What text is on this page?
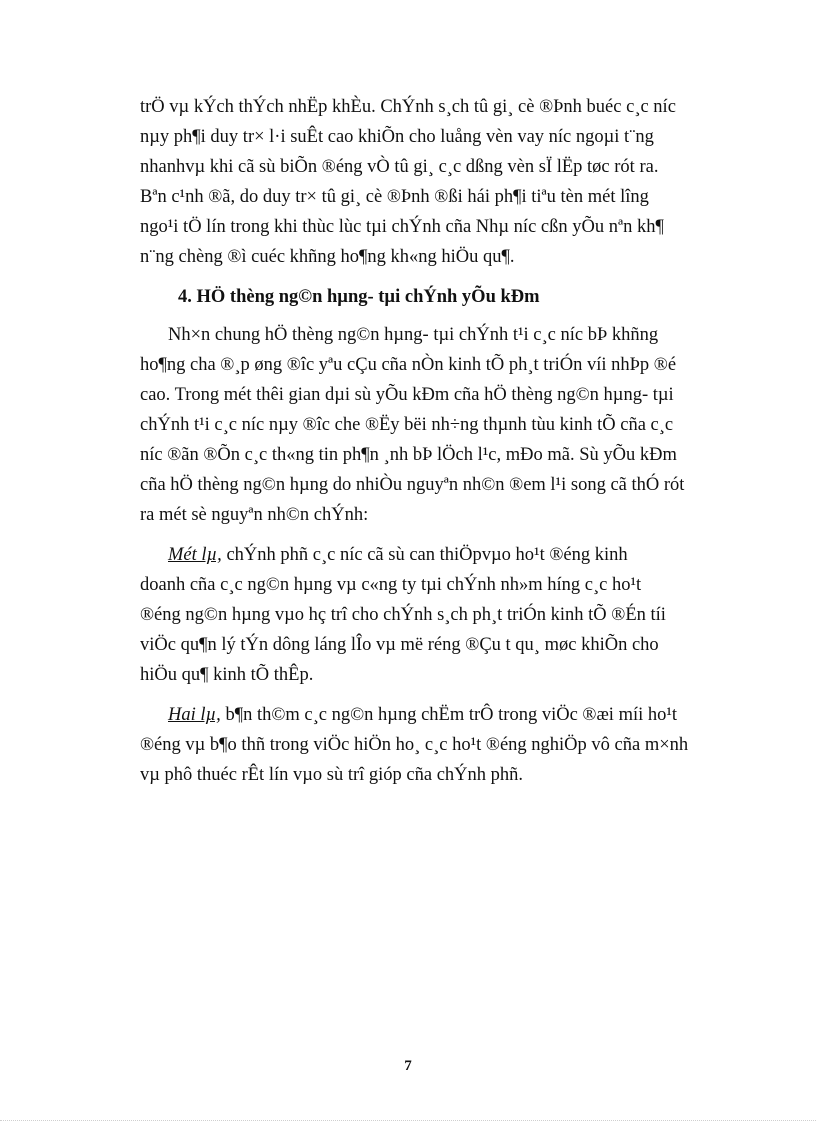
trÖ vµ kÝch thÝch nhËp khÈu. ChÝnh s¸ch tû gi¸ cè ®Þnh buéc c¸c níc
nµy ph¶i duy tr× l·i suÊt cao khiÕn cho luång vèn vay níc ngoµi t¨ng
nhanhvµ khi cã sù biÕn ®éng vÒ tû gi¸ c¸c dßng vèn sÏ lËp tøc rót ra.
Bªn c¹nh ®ã, do duy tr× tû gi¸ cè ®Þnh ®ßi hái ph¶i tiªu tèn mét lîng
ngo¹i tÖ lín trong khi thùc lùc tµi chÝnh cña Nhµ níc cßn yÕu nªn kh¶
n¨ng chèng ®ì cuéc khñng ho¶ng kh«ng hiÖu qu¶.

4. HÖ thèng ng©n hµng- tµi chÝnh yÕu kÐm

Nh×n chung hÖ thèng ng©n hµng- tµi chÝnh t¹i c¸c níc bÞ khñng
ho¶ng cha ®¸p øng ®îc yªu cÇu cña nÒn kinh tÕ ph¸t triÓn víi nhÞp ®é
cao. Trong mét thêi gian dµi sù yÕu kÐm cña hÖ thèng ng©n hµng- tµi
chÝnh t¹i c¸c níc nµy ®îc che ®Ëy bëi nh÷ng thµnh tùu kinh tÕ cña c¸c
níc ®ãn ®Õn c¸c th«ng tin ph¶n ¸nh bÞ lÖch l¹c, mÐo mã. Sù yÕu kÐm
cña hÖ thèng ng©n hµng do nhiÒu nguyªn nh©n ®em l¹i song cã thÓ rót
ra mét sè nguyªn nh©n chÝnh:

Mét lµ, chÝnh phñ c¸c níc cã sù can thiÖpvµo ho¹t ®éng kinh
doanh cña c¸c ng©n hµng vµ c«ng ty tµi chÝnh nh»m híng c¸c ho¹t
®éng ng©n hµng vµo hç trî cho chÝnh s¸ch ph¸t triÓn kinh tÕ ®Én tíi
viÖc qu¶n lý tÝn dông láng lÎo vµ më réng ®Çu t qu¸ møc khiÕn cho
hiÖu qu¶ kinh tÕ thÊp.

Hai lµ, b¶n th©m c¸c ng©n hµng chËm trÔ trong viÖc ®æi míi ho¹t
®éng vµ b¶o thñ trong viÖc hiÖn ho¸ c¸c ho¹t ®éng nghiÖp vô cña m×nh
vµ phô thuéc rÊt lín vµo sù trî gióp cña chÝnh phñ.

7
